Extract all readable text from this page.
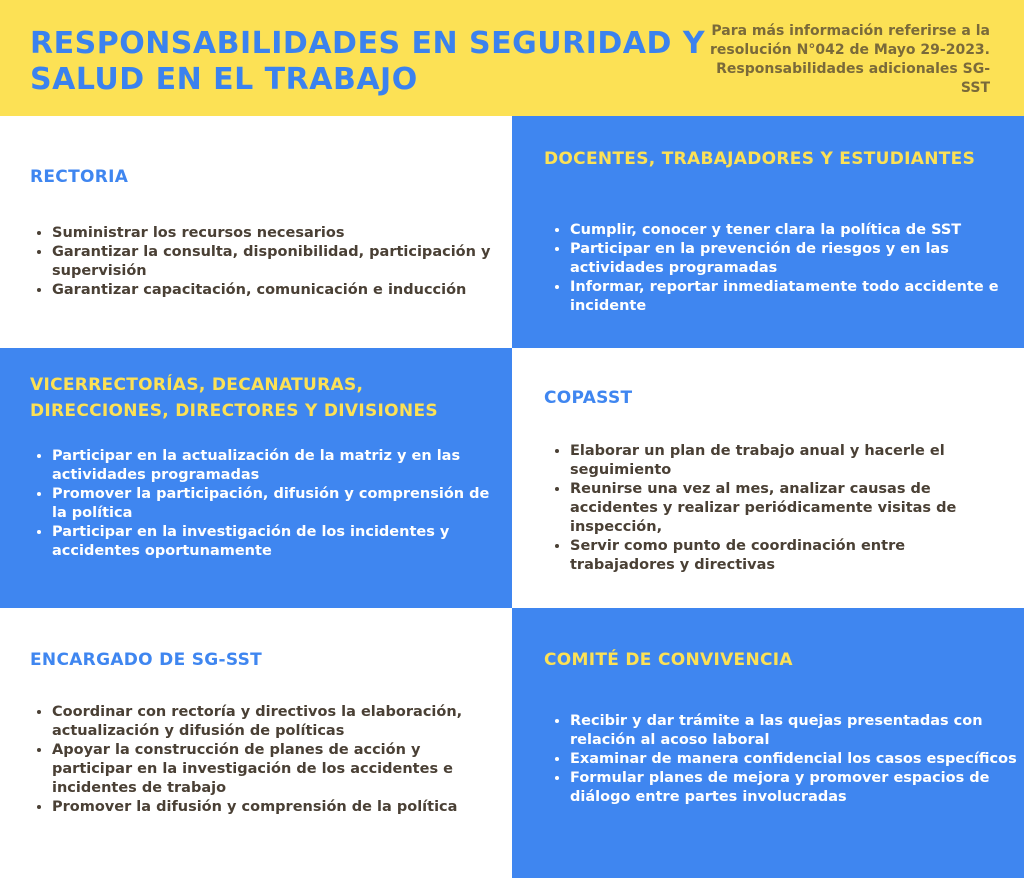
RESPONSABILIDADES EN SEGURIDAD Y SALUD EN EL TRABAJO

Para más información referirse a la resolución N°042 de Mayo 29-2023. Responsabilidades adicionales SG-SST

RECTORIA
• Suministrar los recursos necesarios
• Garantizar la consulta, disponibilidad, participación y supervisión
• Garantizar capacitación, comunicación e inducción
DOCENTES, TRABAJADORES Y ESTUDIANTES
• Cumplir, conocer y tener clara la política de SST
• Participar en la prevención de riesgos y en las actividades programadas
• Informar, reportar inmediatamente todo accidente e incidente
VICERRECTORÍAS, DECANATURAS, DIRECCIONES, DIRECTORES Y DIVISIONES
• Participar en la actualización de la matriz y en las actividades programadas
• Promover la participación, difusión y comprensión de la política
• Participar en la investigación de los incidentes y accidentes oportunamente
COPASST
• Elaborar un plan de trabajo anual y hacerle el seguimiento
• Reunirse una vez al mes, analizar causas de accidentes y realizar periódicamente visitas de inspección,
• Servir como punto de coordinación entre trabajadores y directivas
ENCARGADO DE SG-SST
• Coordinar con rectoría y directivos la elaboración, actualización y difusión de políticas
• Apoyar la construcción de planes de acción y participar en la investigación de los accidentes e incidentes de trabajo
• Promover la difusión y comprensión de la política
COMITÉ DE CONVIVENCIA
• Recibir y dar trámite a las quejas presentadas con relación al acoso laboral
• Examinar de manera confidencial los casos específicos
• Formular planes de mejora y promover espacios de diálogo entre partes involucradas
